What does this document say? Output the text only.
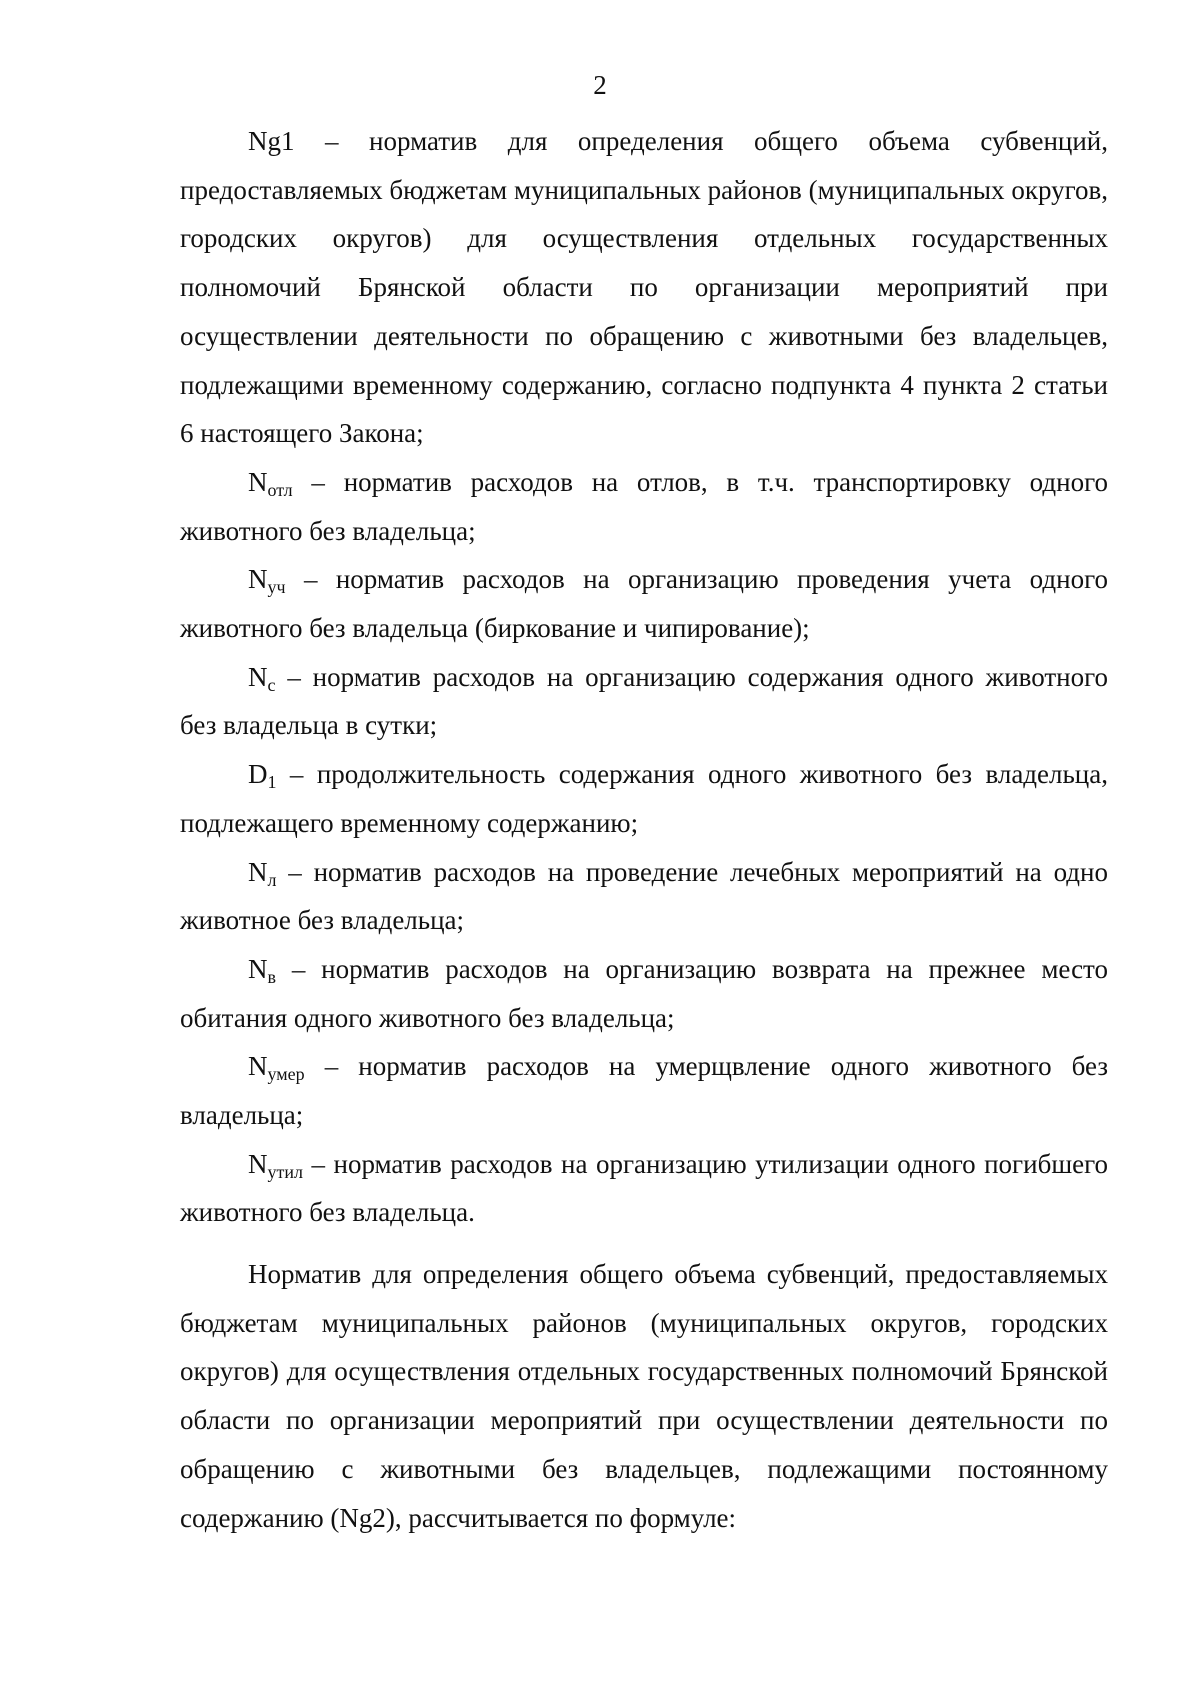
2

Ng1 – норматив для определения общего объема субвенций, предоставляемых бюджетам муниципальных районов (муниципальных округов, городских округов) для осуществления отдельных государственных полномочий Брянской области по организации мероприятий при осуществлении деятельности по обращению с животными без владельцев, подлежащими временному содержанию, согласно подпункта 4 пункта 2 статьи 6 настоящего Закона;

$N_{отл}$ – норматив расходов на отлов, в т.ч. транспортировку одного животного без владельца;

$N_{уч}$ – норматив расходов на организацию проведения учета одного животного без владельца (биркование и чипирование);

$N_с$ – норматив расходов на организацию содержания одного животного без владельца в сутки;

$D_1$ – продолжительность содержания одного животного без владельца, подлежащего временному содержанию;

$N_л$ – норматив расходов на проведение лечебных мероприятий на одно животное без владельца;

$N_в$ – норматив расходов на организацию возврата на прежнее место обитания одного животного без владельца;

$N_{умер}$ – норматив расходов на умерщвление одного животного без владельца;

$N_{утил}$ – норматив расходов на организацию утилизации одного погибшего животного без владельца.

Норматив для определения общего объема субвенций, предоставляемых бюджетам муниципальных районов (муниципальных округов, городских округов) для осуществления отдельных государственных полномочий Брянской области по организации мероприятий при осуществлении деятельности по обращению с животными без владельцев, подлежащими постоянному содержанию (Ng2), рассчитывается по формуле:
